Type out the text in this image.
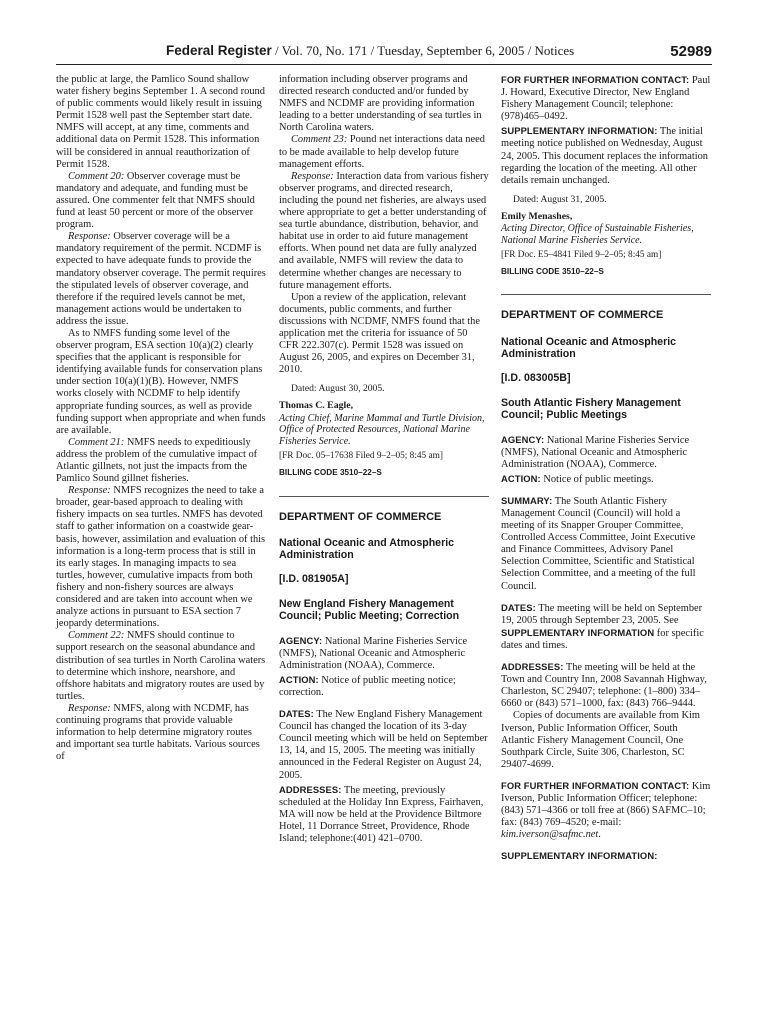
Federal Register / Vol. 70, No. 171 / Tuesday, September 6, 2005 / Notices	52989

the public at large, the Pamlico Sound shallow water fishery begins September 1. A second round of public comments would likely result in issuing Permit 1528 well past the September start date. NMFS will accept, at any time, comments and additional data on Permit 1528. This information will be considered in annual reauthorization of Permit 1528.

Comment 20: Observer coverage must be mandatory and adequate, and funding must be assured. One commenter felt that NMFS should fund at least 50 percent or more of the observer program.

Response: Observer coverage will be a mandatory requirement of the permit. NCDMF is expected to have adequate funds to provide the mandatory observer coverage. The permit requires the stipulated levels of observer coverage, and therefore if the required levels cannot be met, management actions would be undertaken to address the issue.

As to NMFS funding some level of the observer program, ESA section 10(a)(2) clearly specifies that the applicant is responsible for identifying available funds for conservation plans under section 10(a)(1)(B). However, NMFS works closely with NCDMF to help identify appropriate funding sources, as well as provide funding support when appropriate and when funds are available.

Comment 21: NMFS needs to expeditiously address the problem of the cumulative impact of Atlantic gillnets, not just the impacts from the Pamlico Sound gillnet fisheries.

Response: NMFS recognizes the need to take a broader, gear-based approach to dealing with fishery impacts on sea turtles. NMFS has devoted staff to gather information on a coastwide gear-basis, however, assimilation and evaluation of this information is a long-term process that is still in its early stages. In managing impacts to sea turtles, however, cumulative impacts from both fishery and non-fishery sources are always considered and are taken into account when we analyze actions in pursuant to ESA section 7 jeopardy determinations.

Comment 22: NMFS should continue to support research on the seasonal abundance and distribution of sea turtles in North Carolina waters to determine which inshore, nearshore, and offshore habitats and migratory routes are used by turtles.

Response: NMFS, along with NCDMF, has continuing programs that provide valuable information to help determine migratory routes and important sea turtle habitats. Various sources of

information including observer programs and directed research conducted and/or funded by NMFS and NCDMF are providing information leading to a better understanding of sea turtles in North Carolina waters.

Comment 23: Pound net interactions data need to be made available to help develop future management efforts.

Response: Interaction data from various fishery observer programs, and directed research, including the pound net fisheries, are always used where appropriate to get a better understanding of sea turtle abundance, distribution, behavior, and habitat use in order to aid future management efforts. When pound net data are fully analyzed and available, NMFS will review the data to determine whether changes are necessary to future management efforts.

Upon a review of the application, relevant documents, public comments, and further discussions with NCDMF, NMFS found that the application met the criteria for issuance of 50 CFR 222.307(c). Permit 1528 was issued on August 26, 2005, and expires on December 31, 2010.

Dated: August 30, 2005.

Thomas C. Eagle,

Acting Chief, Marine Mammal and Turtle Division, Office of Protected Resources, National Marine Fisheries Service.

[FR Doc. 05–17638 Filed 9–2–05; 8:45 am]

BILLING CODE 3510–22–S

DEPARTMENT OF COMMERCE

National Oceanic and Atmospheric Administration

[I.D. 081905A]

New England Fishery Management Council; Public Meeting; Correction

AGENCY: National Marine Fisheries Service (NMFS), National Oceanic and Atmospheric Administration (NOAA), Commerce.

ACTION: Notice of public meeting notice; correction.

DATES: The New England Fishery Management Council has changed the location of its 3-day Council meeting which will be held on September 13, 14, and 15, 2005. The meeting was initially announced in the Federal Register on August 24, 2005.

ADDRESSES: The meeting, previously scheduled at the Holiday Inn Express, Fairhaven, MA will now be held at the Providence Biltmore Hotel, 11 Dorrance Street, Providence, Rhode Island; telephone:(401) 421–0700.

FOR FURTHER INFORMATION CONTACT: Paul J. Howard, Executive Director, New England Fishery Management Council; telephone: (978)465–0492.

SUPPLEMENTARY INFORMATION: The initial meeting notice published on Wednesday, August 24, 2005. This document replaces the information regarding the location of the meeting. All other details remain unchanged.

Dated: August 31, 2005.

Emily Menashes,

Acting Director, Office of Sustainable Fisheries, National Marine Fisheries Service.

[FR Doc. E5–4841 Filed 9–2–05; 8:45 am]

BILLING CODE 3510–22–S

DEPARTMENT OF COMMERCE

National Oceanic and Atmospheric Administration

[I.D. 083005B]

South Atlantic Fishery Management Council; Public Meetings

AGENCY: National Marine Fisheries Service (NMFS), National Oceanic and Atmospheric Administration (NOAA), Commerce.

ACTION: Notice of public meetings.

SUMMARY: The South Atlantic Fishery Management Council (Council) will hold a meeting of its Snapper Grouper Committee, Controlled Access Committee, Joint Executive and Finance Committees, Advisory Panel Selection Committee, Scientific and Statistical Selection Committee, and a meeting of the full Council.

DATES: The meeting will be held on September 19, 2005 through September 23, 2005. See SUPPLEMENTARY INFORMATION for specific dates and times.

ADDRESSES: The meeting will be held at the Town and Country Inn, 2008 Savannah Highway, Charleston, SC 29407; telephone: (1–800) 334–6660 or (843) 571–1000, fax: (843) 766–9444.

Copies of documents are available from Kim Iverson, Public Information Officer, South Atlantic Fishery Management Council, One Southpark Circle, Suite 306, Charleston, SC 29407-4699.

FOR FURTHER INFORMATION CONTACT: Kim Iverson, Public Information Officer; telephone: (843) 571–4366 or toll free at (866) SAFMC–10; fax: (843) 769–4520; e-mail: kim.iverson@safmc.net.

SUPPLEMENTARY INFORMATION:
